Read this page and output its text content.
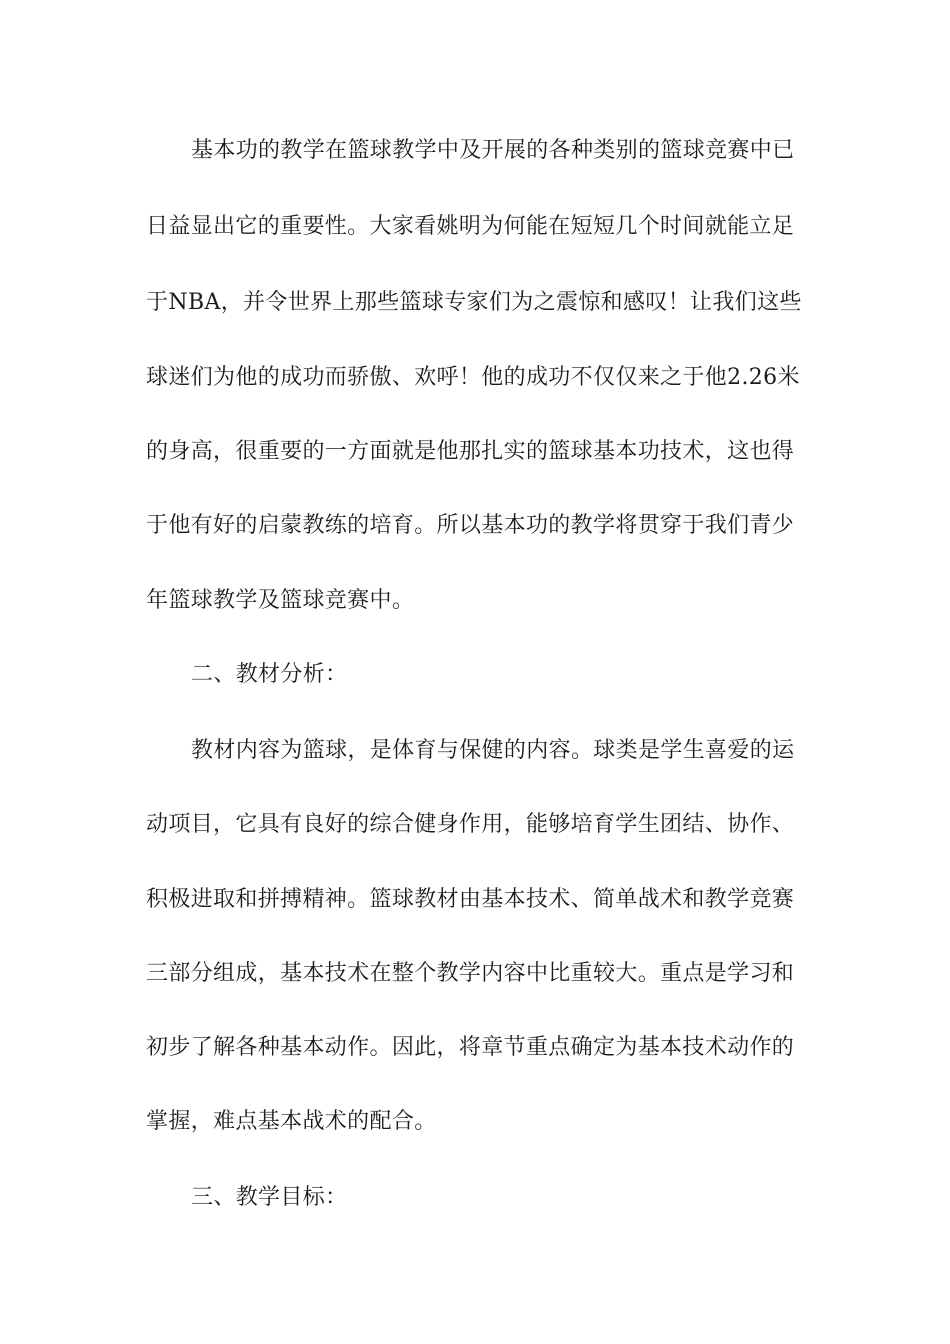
基本功的教学在篮球教学中及开展的各种类别的篮球竞赛中已
日益显出它的重要性。大家看姚明为何能在短短几个时间就能立足
于NBA，并令世界上那些篮球专家们为之震惊和感叹！让我们这些
球迷们为他的成功而骄傲、欢呼！他的成功不仅仅来之于他2.26米
的身高，很重要的一方面就是他那扎实的篮球基本功技术，这也得
于他有好的启蒙教练的培育。所以基本功的教学将贯穿于我们青少
年篮球教学及篮球竞赛中。
二、教材分析：
教材内容为篮球，是体育与保健的内容。球类是学生喜爱的运
动项目，它具有良好的综合健身作用，能够培育学生团结、协作、
积极进取和拼搏精神。篮球教材由基本技术、简单战术和教学竞赛
三部分组成，基本技术在整个教学内容中比重较大。重点是学习和
初步了解各种基本动作。因此，将章节重点确定为基本技术动作的
掌握，难点基本战术的配合。
三、教学目标：
